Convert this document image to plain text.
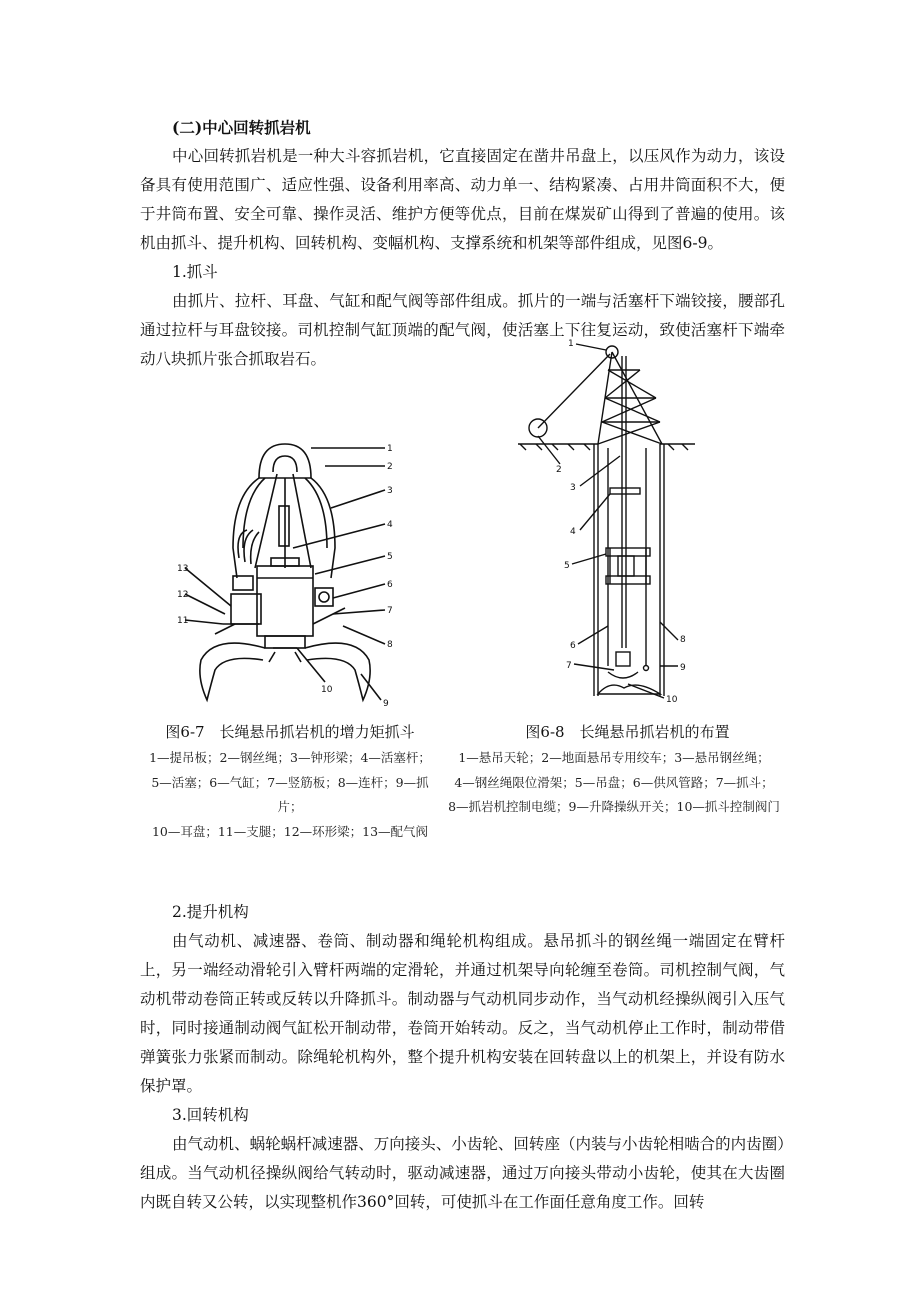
(二)中心回转抓岩机

中心回转抓岩机是一种大斗容抓岩机，它直接固定在凿井吊盘上，以压风作为动力，该设备具有使用范围广、适应性强、设备利用率高、动力单一、结构紧凑、占用井筒面积不大，便于井筒布置、安全可靠、操作灵活、维护方便等优点，目前在煤炭矿山得到了普遍的使用。该机由抓斗、提升机构、回转机构、变幅机构、支撑系统和机架等部件组成，见图6-9。

1.抓斗

由抓片、拉杆、耳盘、气缸和配气阀等部件组成。抓片的一端与活塞杆下端铰接，腰部孔通过拉杆与耳盘铰接。司机控制气缸顶端的配气阀，使活塞上下往复运动，致使活塞杆下端牵动八块抓片张合抓取岩石。

1
2
3
4
5
6
7
8
9
10
11
12
13
1
2
3
4
5
6
7
8
9
10
图6-7　长绳悬吊抓岩机的增力矩抓斗	图6-8　长绳悬吊抓岩机的布置

1—提吊板；2—钢丝绳；3—钟形梁；4—活塞杆；

5—活塞；6—气缸；7—竖筋板；8—连杆；9—抓片；

10—耳盘；11—支腿；12—环形梁；13—配气阀

1—悬吊天轮；2—地面悬吊专用绞车；3—悬吊钢丝绳；

4—钢丝绳限位滑架；5—吊盘；6—供风管路；7—抓斗；

8—抓岩机控制电缆；9—升降操纵开关；10—抓斗控制阀门

2.提升机构

由气动机、减速器、卷筒、制动器和绳轮机构组成。悬吊抓斗的钢丝绳一端固定在臂杆上，另一端经动滑轮引入臂杆两端的定滑轮，并通过机架导向轮缠至卷筒。司机控制气阀，气动机带动卷筒正转或反转以升降抓斗。制动器与气动机同步动作，当气动机经操纵阀引入压气时，同时接通制动阀气缸松开制动带，卷筒开始转动。反之，当气动机停止工作时，制动带借弹簧张力张紧而制动。除绳轮机构外，整个提升机构安装在回转盘以上的机架上，并设有防水保护罩。

3.回转机构

由气动机、蜗轮蜗杆减速器、万向接头、小齿轮、回转座（内装与小齿轮相啮合的内齿圈）组成。当气动机径操纵阀给气转动时，驱动减速器，通过万向接头带动小齿轮，使其在大齿圈内既自转又公转，以实现整机作360°回转，可使抓斗在工作面任意角度工作。回转
